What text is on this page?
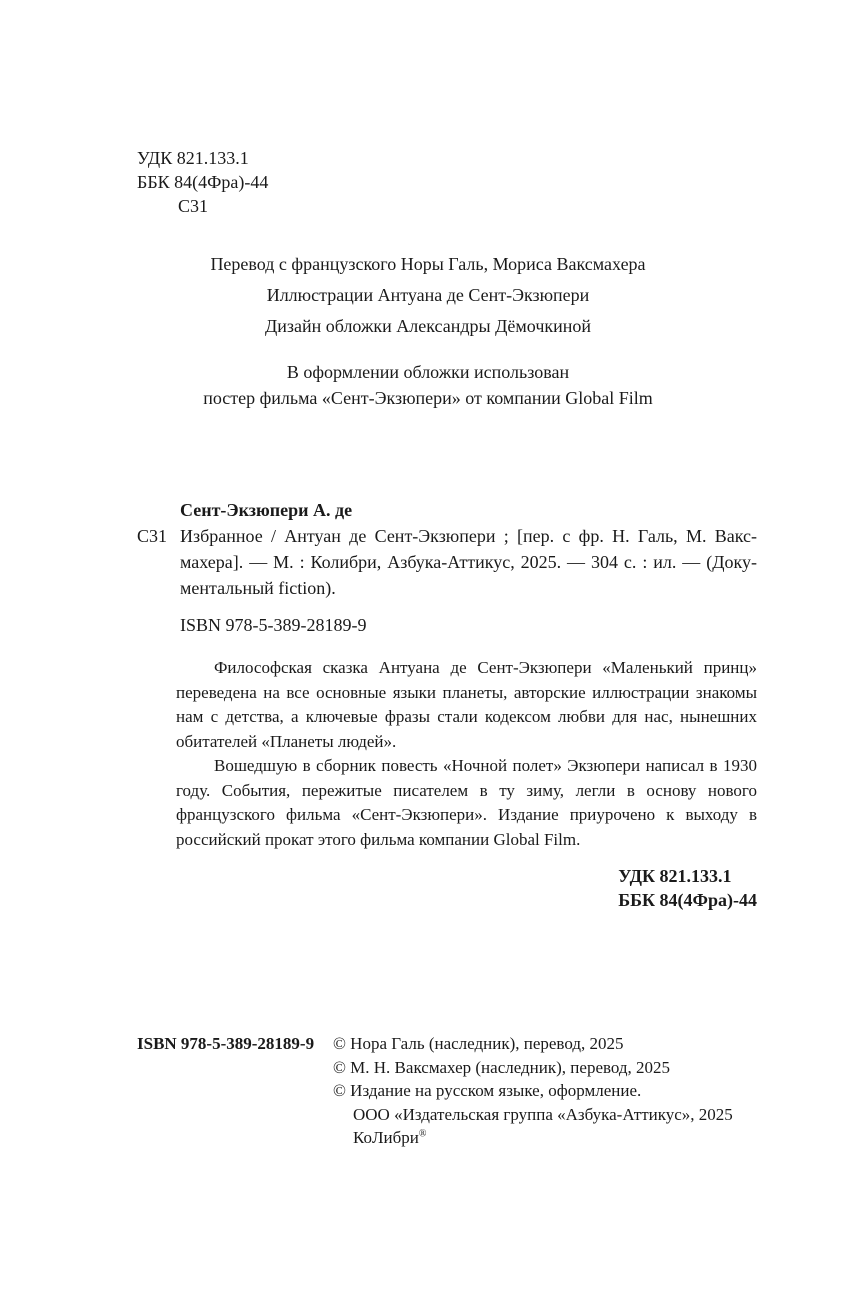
УДК 821.133.1
ББК 84(4Фра)-44
С31
Перевод с французского Норы Галь, Мориса Ваксмахера
Иллюстрации Антуана де Сент-Экзюпери
Дизайн обложки Александры Дёмочкиной
В оформлении обложки использован
постер фильма «Сент-Экзюпери» от компании Global Film
Сент-Экзюпери А. де
С31 Избранное / Антуан де Сент-Экзюпери ; [пер. с фр. Н. Галь, М. Вакс-
махера]. — М. : Колибри, Азбука-Аттикус, 2025. — 304 с. : ил. — (Доку-
ментальный fiction).
ISBN 978-5-389-28189-9

Философская сказка Антуана де Сент-Экзюпери «Маленький принц» переведена на все основные языки планеты, авторские иллюстрации знакомы нам с детства, а ключевые фразы стали кодексом любви для нас, нынешних обитателей «Планеты людей».

Вошедшую в сборник повесть «Ночной полет» Экзюпери написал в 1930 году. События, пережитые писателем в ту зиму, легли в основу нового французского фильма «Сент-Экзюпери». Издание приурочено к выходу в российский прокат этого фильма компании Global Film.

УДК 821.133.1
ББК 84(4Фра)-44
ISBN 978-5-389-28189-9	© Нора Галь (наследник), перевод, 2025
© М. Н. Ваксмахер (наследник), перевод, 2025
© Издание на русском языке, оформление.
ООО «Издательская группа «Азбука-Аттикус», 2025
КоЛибри®
